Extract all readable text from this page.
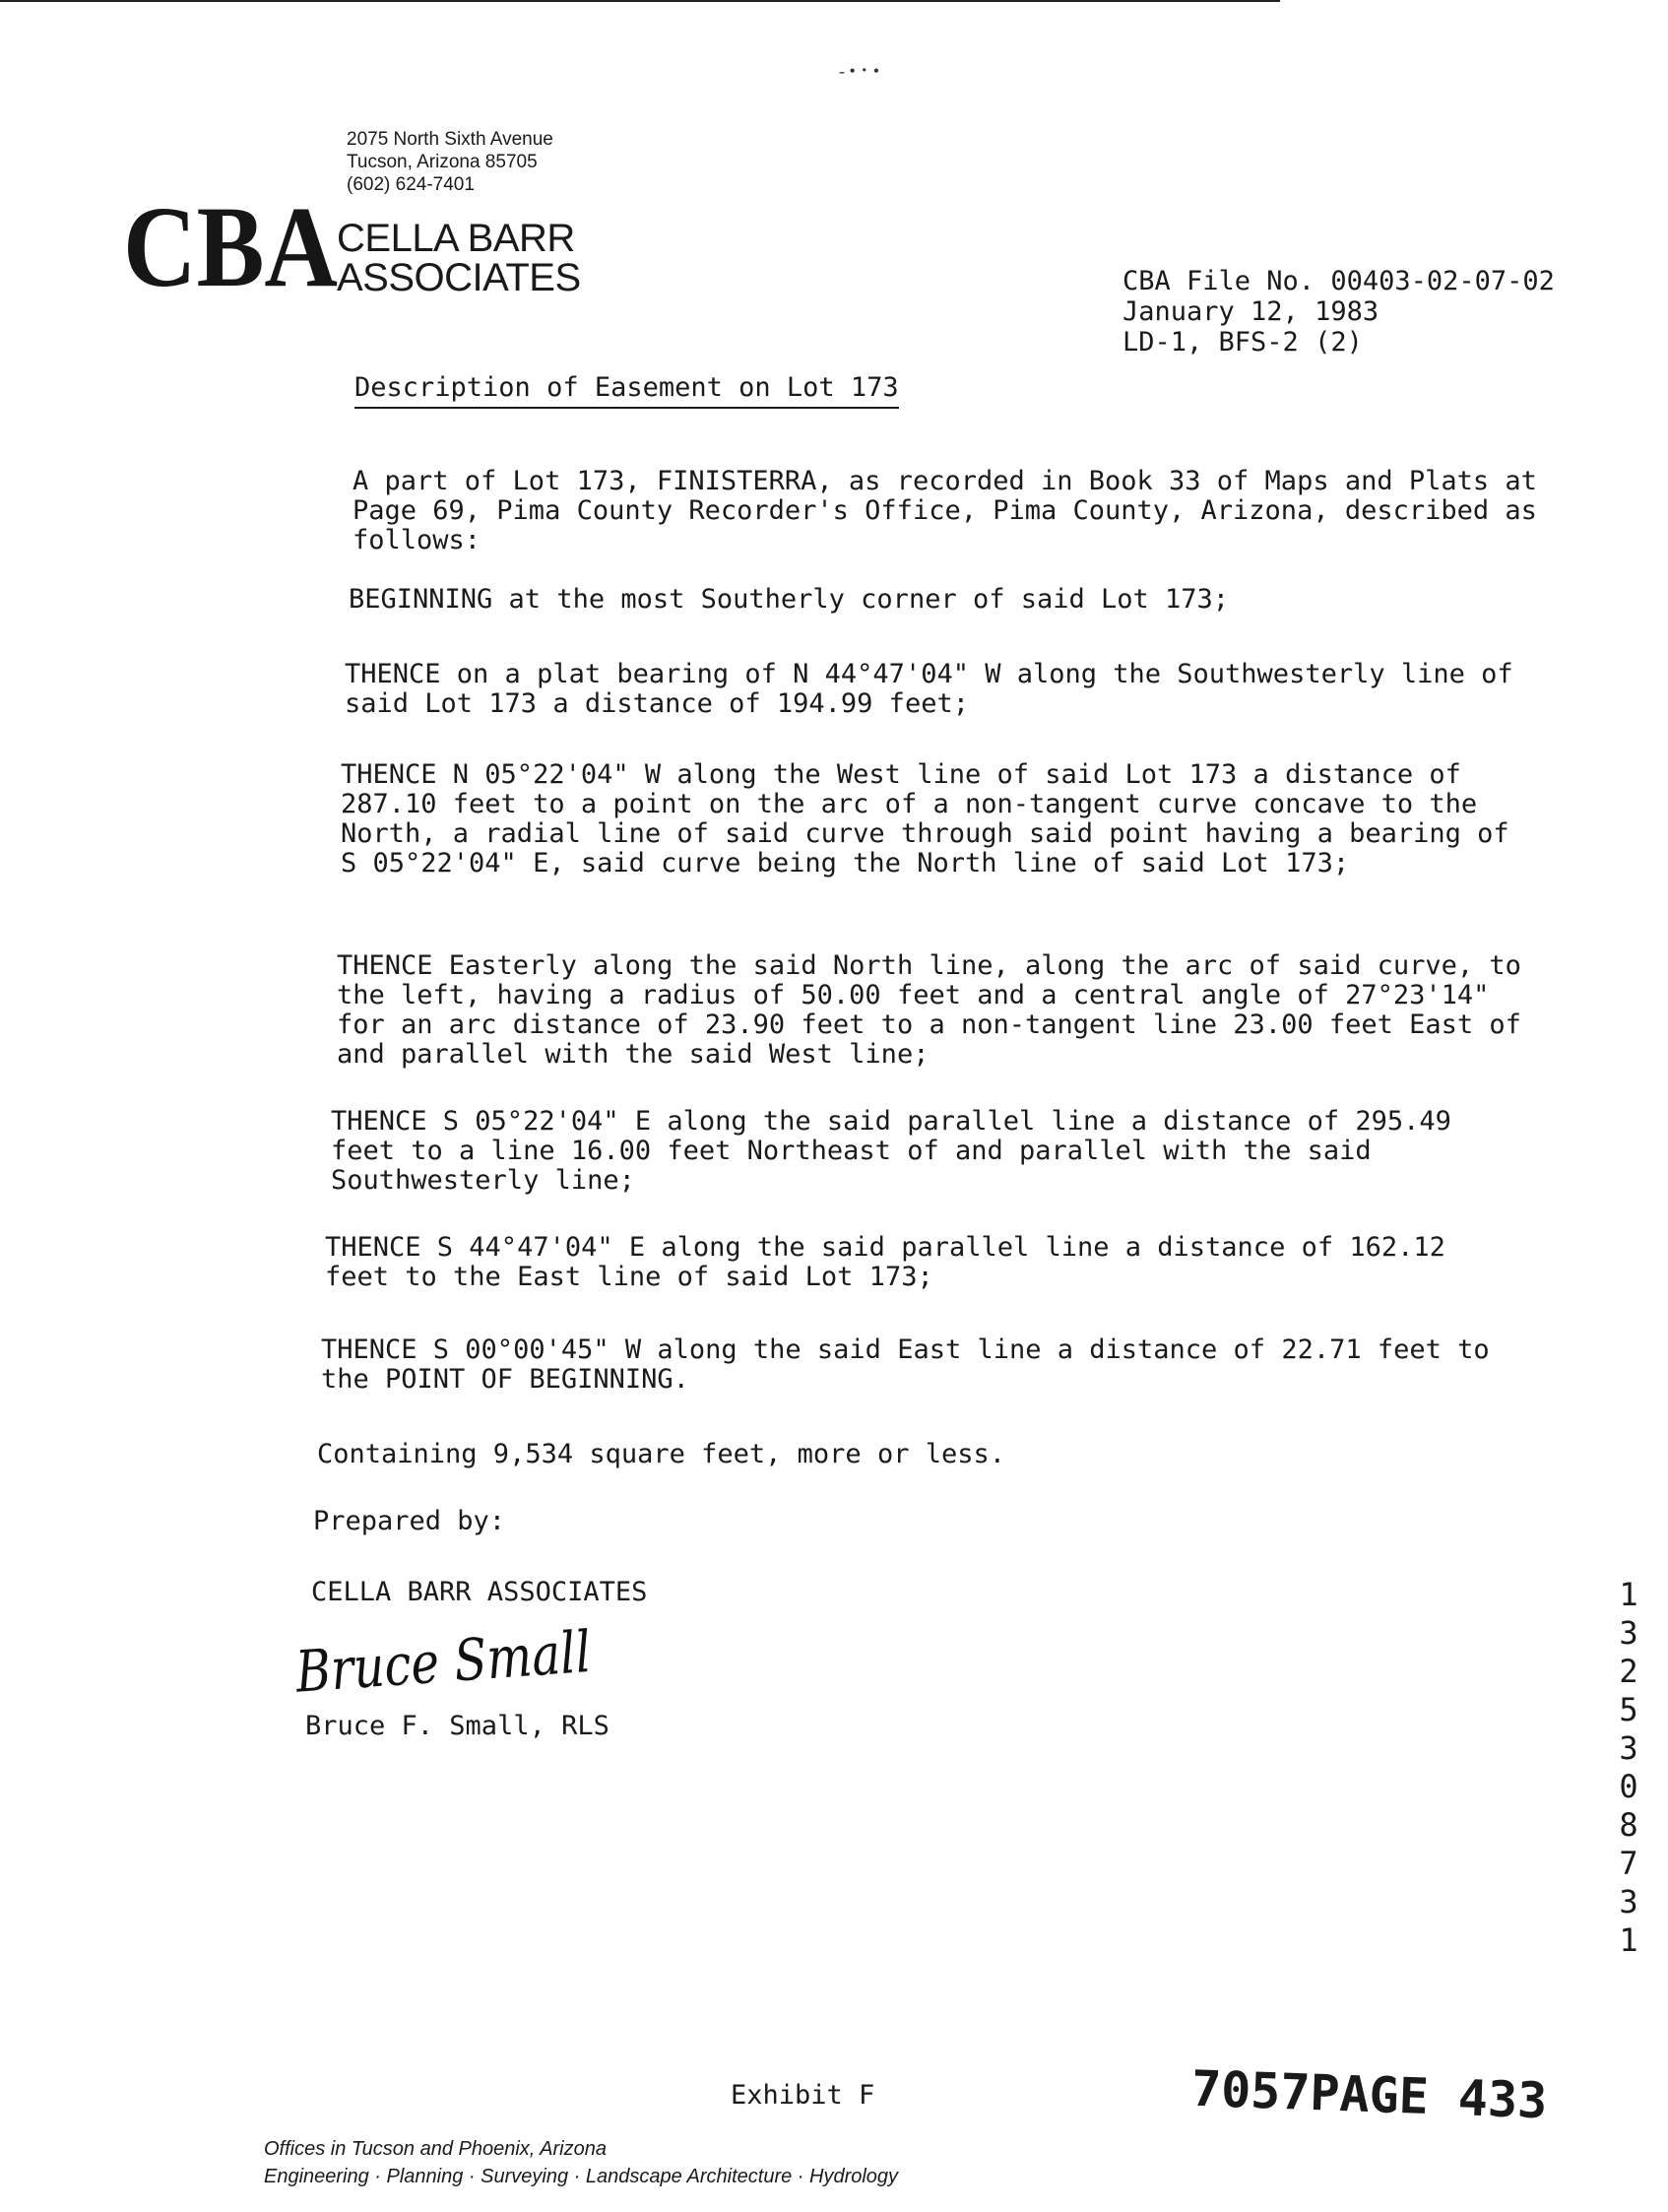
‑ • ･ •
2075 North Sixth Avenue
Tucson, Arizona 85705
(602) 624-7401
CBA CELLA BARR
ASSOCIATES	CBA File No. 00403-02-07-02
January 12, 1983
LD-1, BFS-2 (2)
Description of Easement on Lot 173
A part of Lot 173, FINISTERRA, as recorded in Book 33 of Maps and Plats at
Page 69, Pima County Recorder's Office, Pima County, Arizona, described as
follows:
BEGINNING at the most Southerly corner of said Lot 173;
THENCE on a plat bearing of N 44°47'04" W along the Southwesterly line of
said Lot 173 a distance of 194.99 feet;
THENCE N 05°22'04" W along the West line of said Lot 173 a distance of
287.10 feet to a point on the arc of a non-tangent curve concave to the
North, a radial line of said curve through said point having a bearing of
S 05°22'04" E, said curve being the North line of said Lot 173;
THENCE Easterly along the said North line, along the arc of said curve, to
the left, having a radius of 50.00 feet and a central angle of 27°23'14"
for an arc distance of 23.90 feet to a non-tangent line 23.00 feet East of
and parallel with the said West line;
THENCE S 05°22'04" E along the said parallel line a distance of 295.49
feet to a line 16.00 feet Northeast of and parallel with the said
Southwesterly line;
THENCE S 44°47'04" E along the said parallel line a distance of 162.12
feet to the East line of said Lot 173;
THENCE S 00°00'45" W along the said East line a distance of 22.71 feet to
the POINT OF BEGINNING.
Containing 9,534 square feet, more or less.
Prepared by:
CELLA BARR ASSOCIATES
Bruce Small
Bruce F. Small, RLS
1
3
2
5
3
0
8
7
3
1
Exhibit F	7057PAGE 433
Offices in Tucson and Phoenix, Arizona
Engineering · Planning · Surveying · Landscape Architecture · Hydrology
